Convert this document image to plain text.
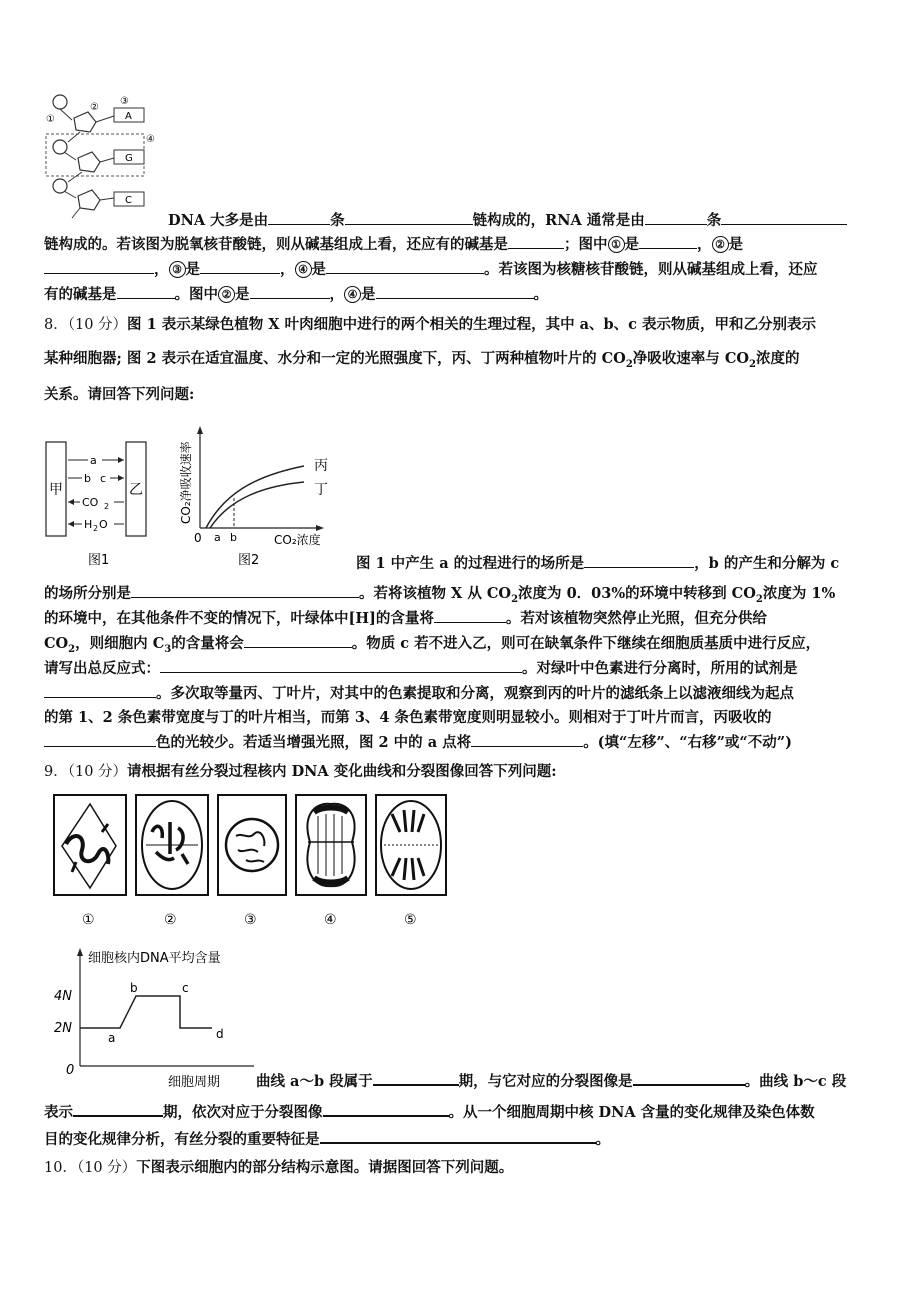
①
②
③
A
④
G
C
DNA 大多是由	条	链构成的，RNA 通常是由	条
链构成的。若该图为脱氧核苷酸链，则从碱基组成上看，还应有的碱基是	；图中 ① 是	， ② 是
， ③ 是	， ④ 是	。若该图为核糖核苷酸链，则从碱基组成上看，还应
有的碱基是	。图中 ② 是	， ④ 是	。
8．（10 分）图 1 表示某绿色植物 X 叶肉细胞中进行的两个相关的生理过程，其中 a、b、c 表示物质，甲和乙分别表示
某种细胞器; 图 2 表示在适宜温度、水分和一定的光照强度下，丙、丁两种植物叶片的 $CO_2$净吸收速率与 $CO_2$浓度的
关系。请回答下列问题:
甲	乙
a
b c
CO 2
H 2 O
图1
CO₂净吸收速率	丙
丁
0 a b	CO₂浓度
图2	图 1 中产生 a 的过程进行的场所是	，b 的产生和分解为 c
的场所分别是	。若将该植物 X 从 $CO_2$浓度为 0．03%的环境中转移到 $CO_2$浓度为 1%
的环境中，在其他条件不变的情况下，叶绿体中[H]的含量将	。若对该植物突然停止光照，但充分供给
$CO_2$，则细胞内 $C_3$的含量将会	。物质 c 若不进入乙，则可在缺氧条件下继续在细胞质基质中进行反应，
请写出总反应式：	。对绿叶中色素进行分离时，所用的试剂是
。多次取等量丙、丁叶片，对其中的色素提取和分离，观察到丙的叶片的滤纸条上以滤液细线为起点
的第 1、2 条色素带宽度与丁的叶片相当，而第 3、4 条色素带宽度则明显较小。则相对于丁叶片而言，丙吸收的
色的光较少。若适当增强光照，图 2 中的 a 点将	。(填“左移”、“右移”或“不动”)
9．（10 分）请根据有丝分裂过程核内 DNA 变化曲线和分裂图像回答下列问题:
①	②	③	④	⑤
细胞核内DNA平均含量
4N
2N
0
a
b	c
d
细胞周期 曲线 a～b 段属于	期，与它对应的分裂图像是	。曲线 b～c 段
表示	期，依次对应于分裂图像	。从一个细胞周期中核 DNA 含量的变化规律及染色体数
目的变化规律分析，有丝分裂的重要特征是	。
10．（10 分）下图表示细胞内的部分结构示意图。请据图回答下列问题。
